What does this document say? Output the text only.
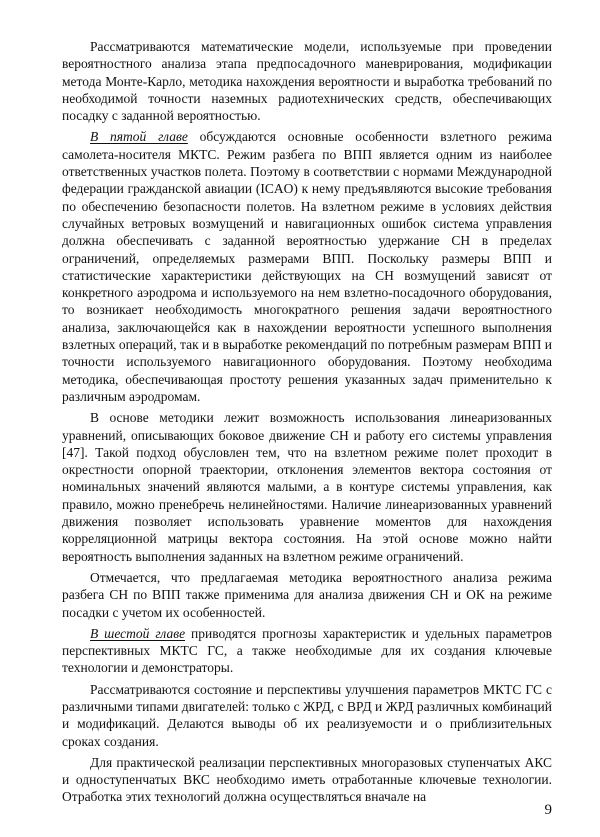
Рассматриваются математические модели, используемые при проведении вероятностного анализа этапа предпосадочного маневрирования, модификации метода Монте-Карло, методика нахождения вероятности и выработка требований по необходимой точности наземных радиотехнических средств, обеспечивающих посадку с заданной вероятностью.

В пятой главе обсуждаются основные особенности взлетного режима самолета-носителя МКТС. Режим разбега по ВПП является одним из наиболее ответственных участков полета. Поэтому в соответствии с нормами Международной федерации гражданской авиации (ICAO) к нему предъявляются высокие требования по обеспечению безопасности полетов. На взлетном режиме в условиях действия случайных ветровых возмущений и навигационных ошибок система управления должна обеспечивать с заданной вероятностью удержание СН в пределах ограничений, определяемых размерами ВПП. Поскольку размеры ВПП и статистические характеристики действующих на СН возмущений зависят от конкретного аэродрома и используемого на нем взлетно-посадочного оборудования, то возникает необходимость многократного решения задачи вероятностного анализа, заключающейся как в нахождении вероятности успешного выполнения взлетных операций, так и в выработке рекомендаций по потребным размерам ВПП и точности используемого навигационного оборудования. Поэтому необходима методика, обеспечивающая простоту решения указанных задач применительно к различным аэродромам.

В основе методики лежит возможность использования линеаризованных уравнений, описывающих боковое движение СН и работу его системы управления [47]. Такой подход обусловлен тем, что на взлетном режиме полет проходит в окрестности опорной траектории, отклонения элементов вектора состояния от номинальных значений являются малыми, а в контуре системы управления, как правило, можно пренебречь нелинейностями. Наличие линеаризованных уравнений движения позволяет использовать уравнение моментов для нахождения корреляционной матрицы вектора состояния. На этой основе можно найти вероятность выполнения заданных на взлетном режиме ограничений.

Отмечается, что предлагаемая методика вероятностного анализа режима разбега СН по ВПП также применима для анализа движения СН и ОК на режиме посадки с учетом их особенностей.

В шестой главе приводятся прогнозы характеристик и удельных параметров перспективных МКТС ГС, а также необходимые для их создания ключевые технологии и демонстраторы.

Рассматриваются состояние и перспективы улучшения параметров МКТС ГС с различными типами двигателей: только с ЖРД, с ВРД и ЖРД различных комбинаций и модификаций. Делаются выводы об их реализуемости и о приблизительных сроках создания.

Для практической реализации перспективных многоразовых ступенчатых АКС и одноступенчатых ВКС необходимо иметь отработанные ключевые технологии. Отработка этих технологий должна осуществляться вначале на

9
